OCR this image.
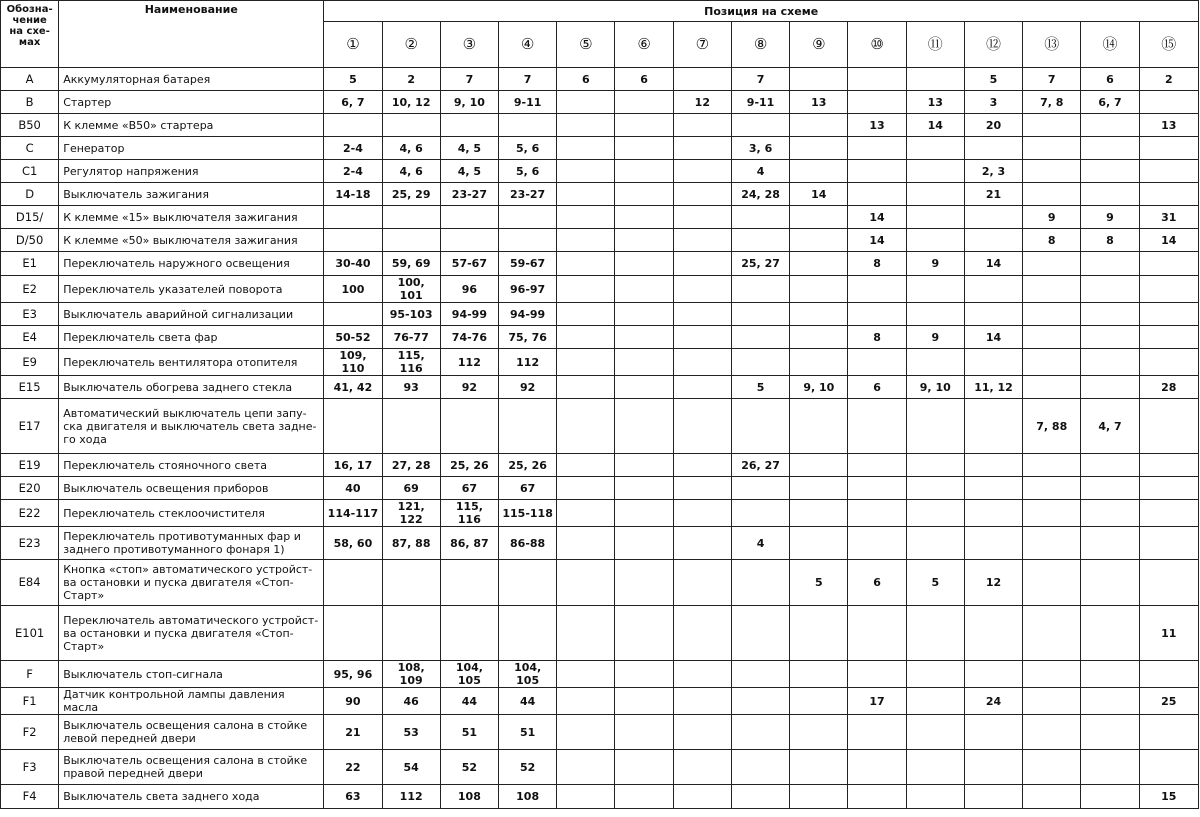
Обозна-
чение
на схе-
мах	Наименование	Позиция на схеме														
		①	②	③	④	⑤	⑥	⑦	⑧	⑨	⑩	⑪	⑫	⑬	⑭	⑮
A	Аккумуляторная батарея	5	2	7	7	6	6		7				5	7	6	2
B	Стартер	6, 7	10, 12	9, 10	9-11			12	9-11	13		13	3	7, 8	6, 7	
B50	К клемме «В50» стартера										13	14	20			13
C	Генератор	2-4	4, 6	4, 5	5, 6				3, 6							
C1	Регулятор напряжения	2-4	4, 6	4, 5	5, 6				4				2, 3			
D	Выключатель зажигания	14-18	25, 29	23-27	23-27				24, 28	14			21			
D15/	К клемме «15» выключателя зажигания										14			9	9	31
D/50	К клемме «50» выключателя зажигания										14			8	8	14
E1	Переключатель наружного освещения	30-40	59, 69	57-67	59-67				25, 27		8	9	14			
E2	Переключатель указателей поворота	100	100, 101	96	96-97											
E3	Выключатель аварийной сигнализации		95-103	94-99	94-99											
E4	Переключатель света фар	50-52	76-77	74-76	75, 76						8	9	14			
E9	Переключатель вентилятора отопителя	109, 110	115, 116	112	112											
E15	Выключатель обогрева заднего стекла	41, 42	93	92	92				5	9, 10	6	9, 10	11, 12			28
E17	Автоматический выключатель цепи запу-
ска двигателя и выключатель света задне-
го хода													7, 88	4, 7	
E19	Переключатель стояночного света	16, 17	27, 28	25, 26	25, 26				26, 27							
E20	Выключатель освещения приборов	40	69	67	67											
E22	Переключатель стеклоочистителя	114-117	121, 122	115, 116	115-118											
E23	Переключатель противотуманных фар и
заднего противотуманного фонаря 1)	58, 60	87, 88	86, 87	86-88				4							
E84	Кнопка «стоп» автоматического устройст-
ва остановки и пуска двигателя «Стоп-
Старт»									5	6	5	12			
E101	Переключатель автоматического устройст-
ва остановки и пуска двигателя «Стоп-
Старт»															11
F	Выключатель стоп-сигнала	95, 96	108, 109	104, 105	104, 105											
F1	Датчик контрольной лампы давления масла	90	46	44	44						17		24			25
F2	Выключатель освещения салона в стойке
левой передней двери	21	53	51	51											
F3	Выключатель освещения салона в стойке
правой передней двери	22	54	52	52											
F4	Выключатель света заднего хода	63	112	108	108											15
